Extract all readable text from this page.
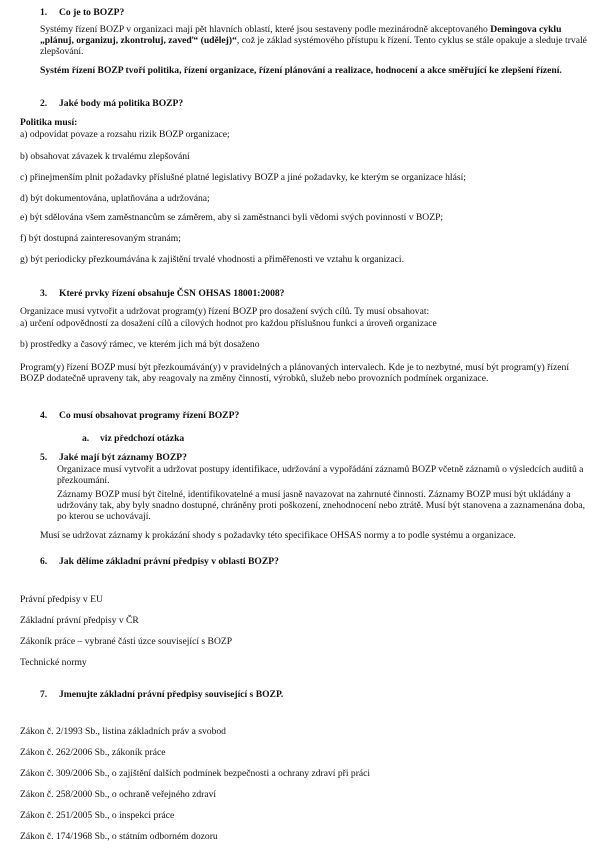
1. Co je to BOZP?
Systémy řízení BOZP v organizaci mají pět hlavních oblastí, které jsou sestaveny podle mezinárodně akceptovaného Demingova cyklu „plánuj, organizuj, zkontroluj, zaveď“ (udělej)“, což je základ systémového přístupu k řízení. Tento cyklus se stále opakuje a sleduje trvalé zlepšování.
Systém řízení BOZP tvoří politika, řízení organizace, řízení plánování a realizace, hodnocení a akce směřující ke zlepšení řízení.
2. Jaké body má politika BOZP?
Politika musí:
a) odpovídat povaze a rozsahu rizik BOZP organizace;
b) obsahovat závazek k trvalému zlepšování
c) přinejmenším plnit požadavky příslušné platné legislativy BOZP a jiné požadavky, ke kterým se organizace hlásí;
d) být dokumentována, uplatňována a udržována;
e) být sdělována všem zaměstnancům se záměrem, aby si zaměstnanci byli vědomi svých povinností v BOZP;
f) být dostupná zainteresovaným stranám;
g) být periodicky přezkoumávána k zajištění trvalé vhodnosti a přiměřenosti ve vztahu k organizaci.
3. Které prvky řízení obsahuje ČSN OHSAS 18001:2008?
Organizace musí vytvořit a udržovat program(y) řízení BOZP pro dosažení svých cílů. Ty musí obsahovat:
a) určení odpovědností za dosažení cílů a cílových hodnot pro každou příslušnou funkci a úroveň organizace
b) prostředky a časový rámec, ve kterém jich má být dosaženo
Program(y) řízení BOZP musí být přezkoumáván(y) v pravidelných a plánovaných intervalech. Kde je to nezbytné, musí být program(y) řízení BOZP dodatečně upraveny tak, aby reagovaly na změny činností, výrobků, služeb nebo provozních podmínek organizace.
4. Co musí obsahovat programy řízení BOZP?
a. viz předchozí otázka
5. Jaké mají být záznamy BOZP?
Organizace musí vytvořit a udržovat postupy identifikace, udržování a vypořádání záznamů BOZP včetně záznamů o výsledcích auditů a přezkoumání.
Záznamy BOZP musí být čitelné, identifikovatelné a musí jasně navazovat na zahrnuté činnosti. Záznamy BOZP musí být ukládány a udržovány tak, aby byly snadno dostupné, chráněny proti poškození, znehodnocení nebo ztrátě. Musí být stanovena a zaznamenána doba, po kterou se uchovávají.
Musí se udržovat záznamy k prokázání shody s požadavky této specifikace OHSAS normy a to podle systému a organizace.
6. Jak dělíme základní právní předpisy v oblasti BOZP?
Právní předpisy v EU
Základní právní předpisy v ČR
Zákoník práce – vybrané části úzce související s BOZP
Technické normy
7. Jmenujte základní právní předpisy související s BOZP.
Zákon č. 2/1993 Sb., listina základních práv a svobod
Zákon č. 262/2006 Sb., zákoník práce
Zákon č. 309/2006 Sb., o zajištění dalších podmínek bezpečnosti a ochrany zdraví při práci
Zákon č. 258/2000 Sb., o ochraně veřejného zdraví
Zákon č. 251/2005 Sb., o inspekci práce
Zákon č. 174/1968 Sb., o státním odborném dozoru
